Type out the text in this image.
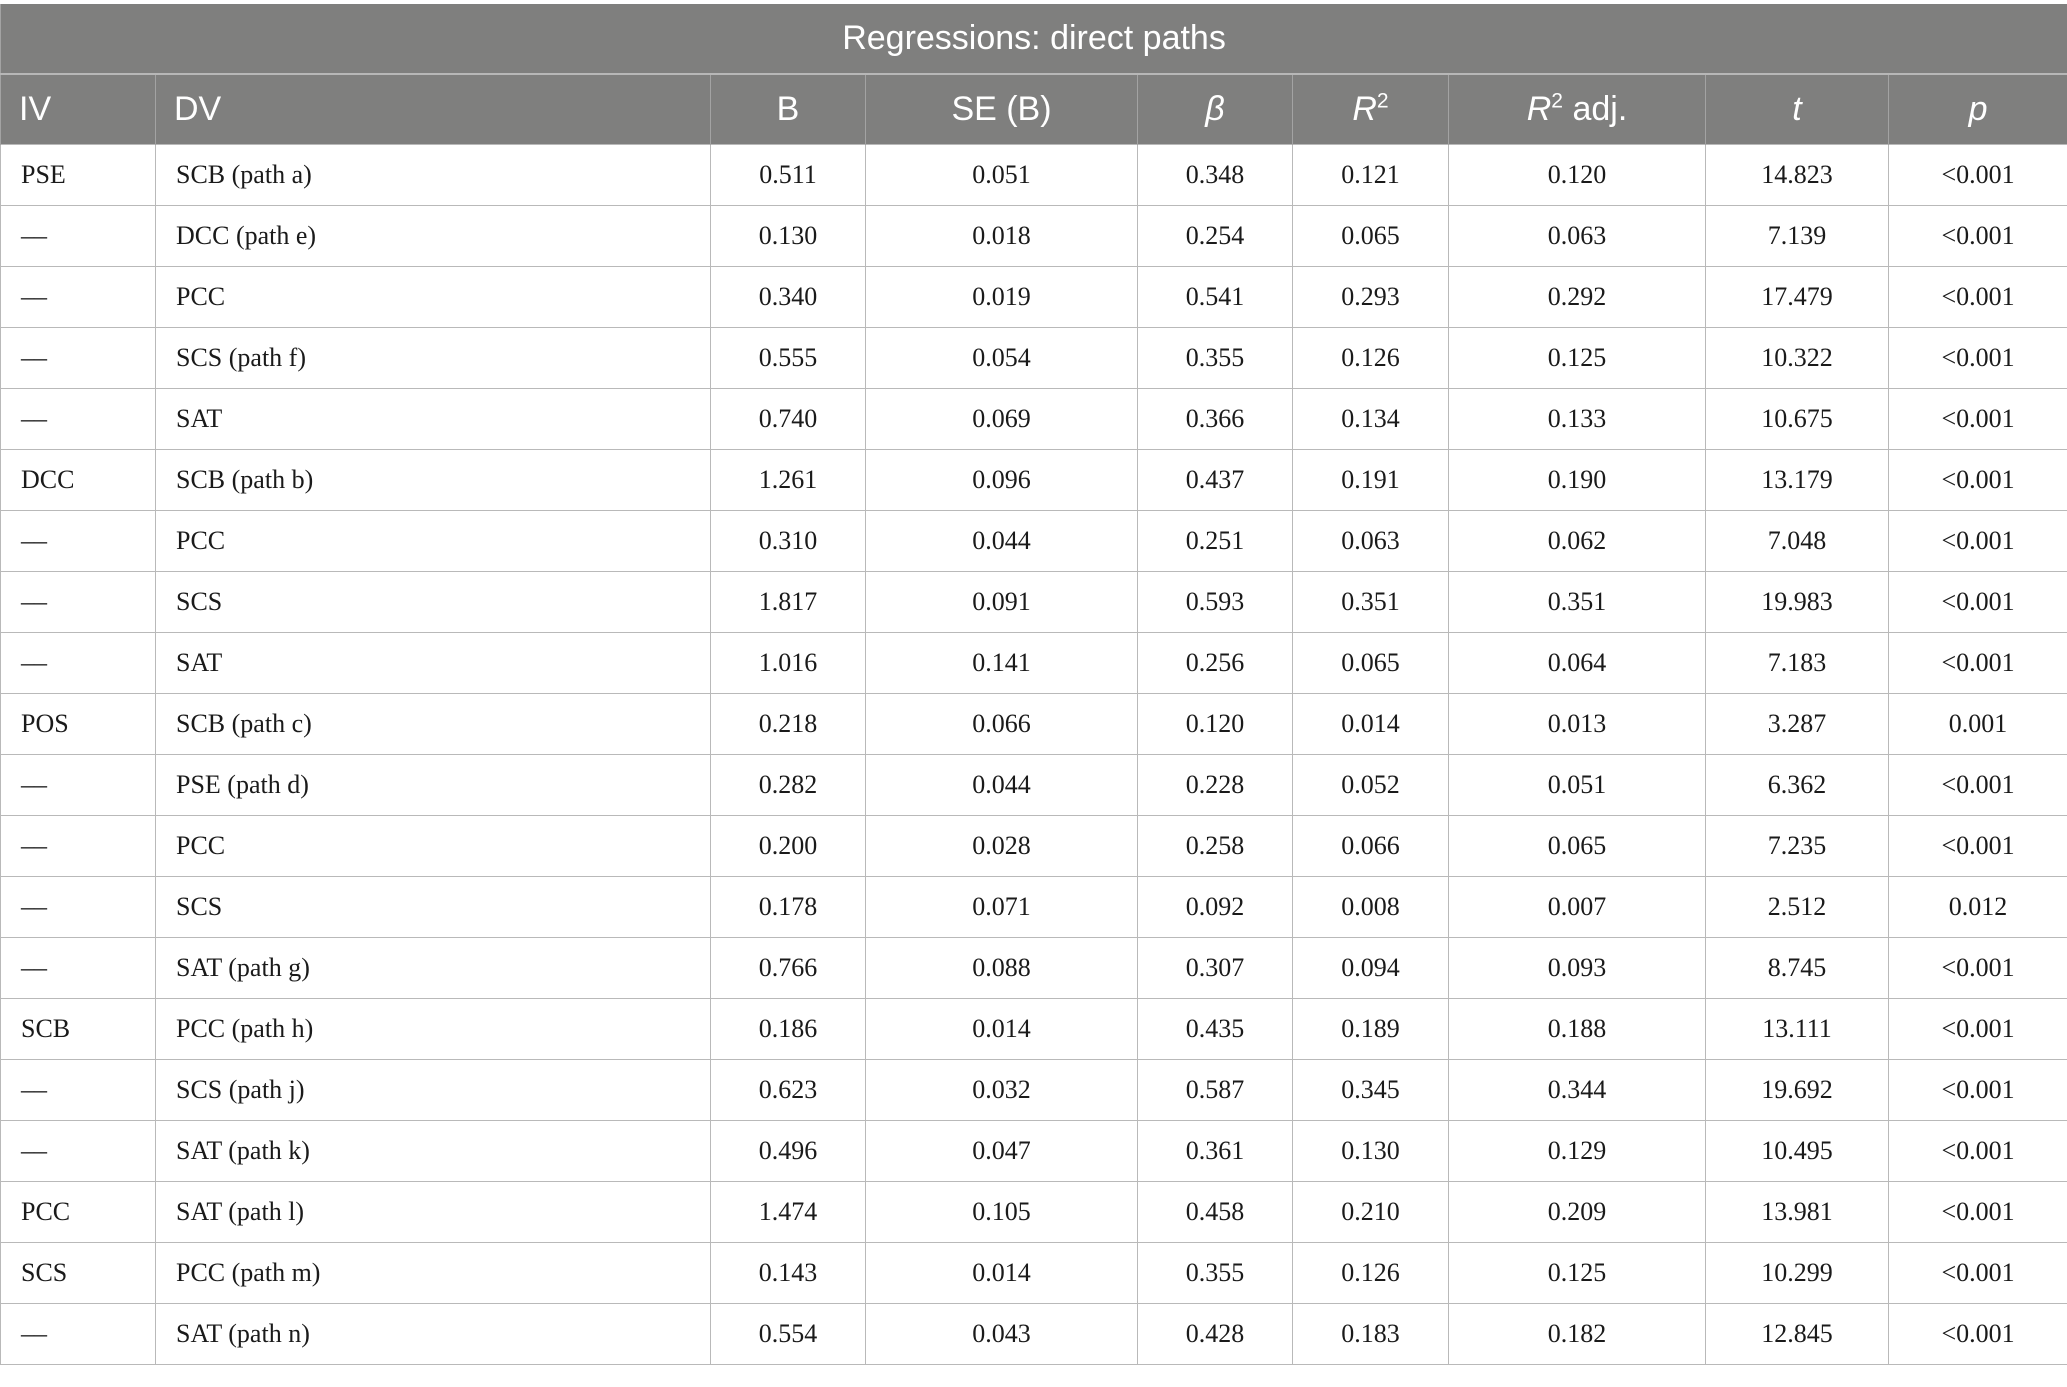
Regressions: direct paths								
IV	DV	B	SE (B)	β	$R^2$	$R^2$ adj.	t	p
PSE	SCB (path a)	0.511	0.051	0.348	0.121	0.120	14.823	<0.001
––	DCC (path e)	0.130	0.018	0.254	0.065	0.063	7.139	<0.001
––	PCC	0.340	0.019	0.541	0.293	0.292	17.479	<0.001
––	SCS (path f)	0.555	0.054	0.355	0.126	0.125	10.322	<0.001
––	SAT	0.740	0.069	0.366	0.134	0.133	10.675	<0.001
DCC	SCB (path b)	1.261	0.096	0.437	0.191	0.190	13.179	<0.001
––	PCC	0.310	0.044	0.251	0.063	0.062	7.048	<0.001
––	SCS	1.817	0.091	0.593	0.351	0.351	19.983	<0.001
––	SAT	1.016	0.141	0.256	0.065	0.064	7.183	<0.001
POS	SCB (path c)	0.218	0.066	0.120	0.014	0.013	3.287	0.001
––	PSE (path d)	0.282	0.044	0.228	0.052	0.051	6.362	<0.001
––	PCC	0.200	0.028	0.258	0.066	0.065	7.235	<0.001
––	SCS	0.178	0.071	0.092	0.008	0.007	2.512	0.012
––	SAT (path g)	0.766	0.088	0.307	0.094	0.093	8.745	<0.001
SCB	PCC (path h)	0.186	0.014	0.435	0.189	0.188	13.111	<0.001
––	SCS (path j)	0.623	0.032	0.587	0.345	0.344	19.692	<0.001
––	SAT (path k)	0.496	0.047	0.361	0.130	0.129	10.495	<0.001
PCC	SAT (path l)	1.474	0.105	0.458	0.210	0.209	13.981	<0.001
SCS	PCC (path m)	0.143	0.014	0.355	0.126	0.125	10.299	<0.001
––	SAT (path n)	0.554	0.043	0.428	0.183	0.182	12.845	<0.001
